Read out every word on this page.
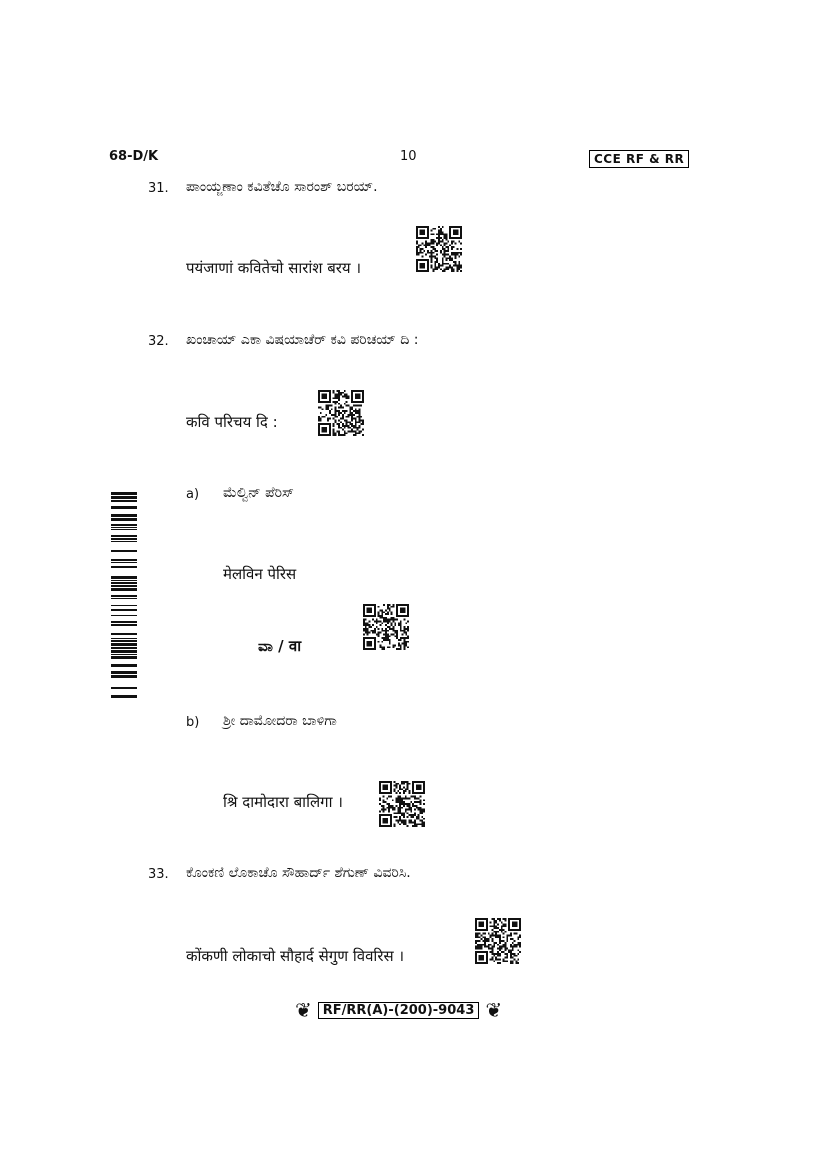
68-D/K	10	CCE RF & RR
31. ಪಾಂಯ್ಜಣಾಂ ಕವಿತೆಚೊ ಸಾರಂಶ್ ಬರಯ್.
पयंजाणां कवितेचो सारांश बरय ।
32. ಖಂಚಾಯ್ ಎಕಾ ವಿಷಯಾಚೆರ್ ಕವಿ ಪರಿಚಯ್ ದಿ :
कवि परिचय दि :
a) ಮೆಲ್ವಿನ್ ಪೆರಿಸ್
मेलविन पेरिस
ವಾ / वा
b) ಶ್ರೀ ದಾಮೋದರಾ ಬಾಳಿಗಾ
श्रि दामोदारा बालिगा ।
33. ಕೊಂಕಣಿ ಲೊಕಾಚೊ ಸೌಹಾರ್ದ್ ಶೆಗುಣ್ ವಿವರಿಸಿ.
कोंकणी लोकाचो सौहार्द सेगुण विवरिस ।
❦ RF/RR(A)-(200)-9043 ❦
